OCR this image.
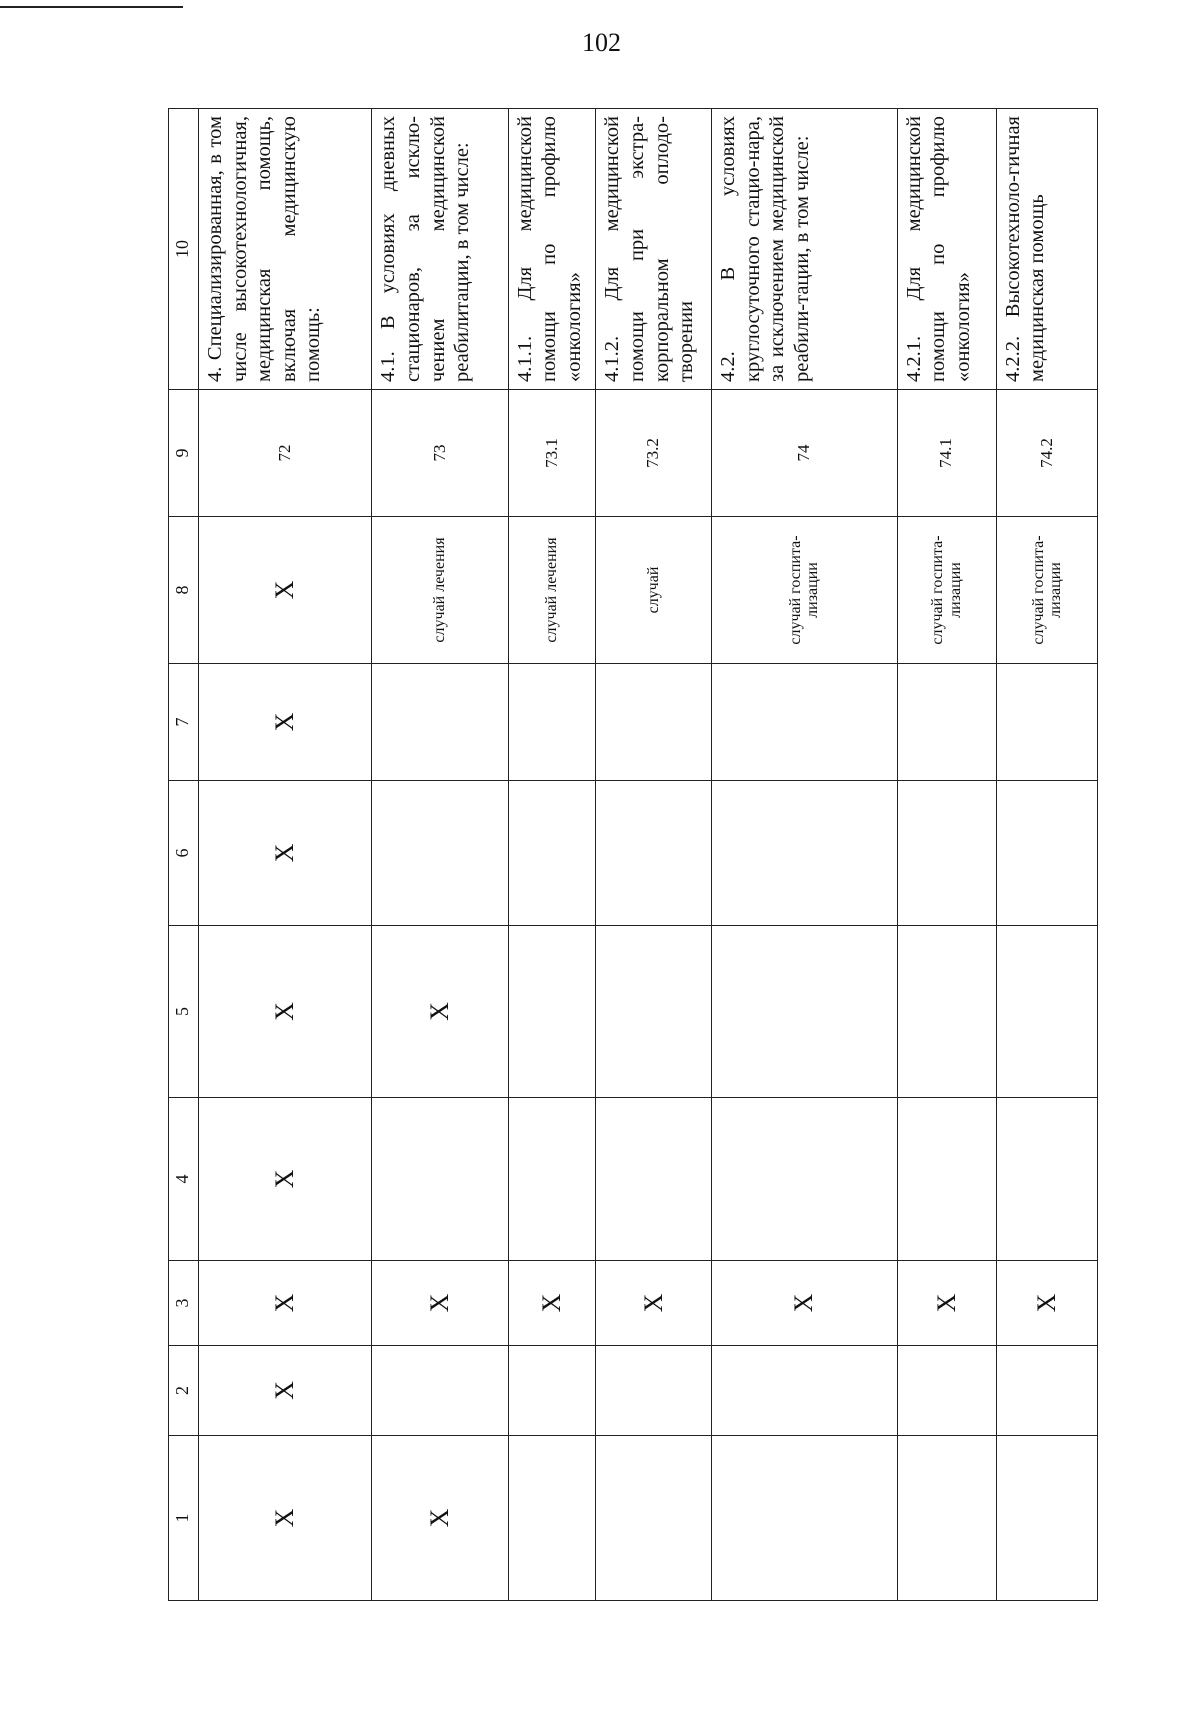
102
1	2	3	4	5	6	7	8	9	10
X	X	X	X	X	X	X	X	72	4. Специализированная, в том числе высокотехнологичная, медицинская помощь, включая медицинскую помощь:
X		X		X			случай лечения	73	4.1. В условиях дневных стационаров, за исклю-чением медицинской реабилитации, в том числе:
		X					случай лечения	73.1	4.1.1. Для медицинской помощи по профилю «онкология»
		X					случай	73.2	4.1.2. Для медицинской помощи при экстра-корпоральном оплодо-творении
		X					случай госпита-лизации	74	4.2. В условиях круглосуточного стацио-нара, за исключением медицинской реабили-тации, в том числе:
		X					случай госпита-лизации	74.1	4.2.1. Для медицинской помощи по профилю «онкология»
		X					случай госпита-лизации	74.2	4.2.2. Высокотехноло-гичная медицинская помощь
